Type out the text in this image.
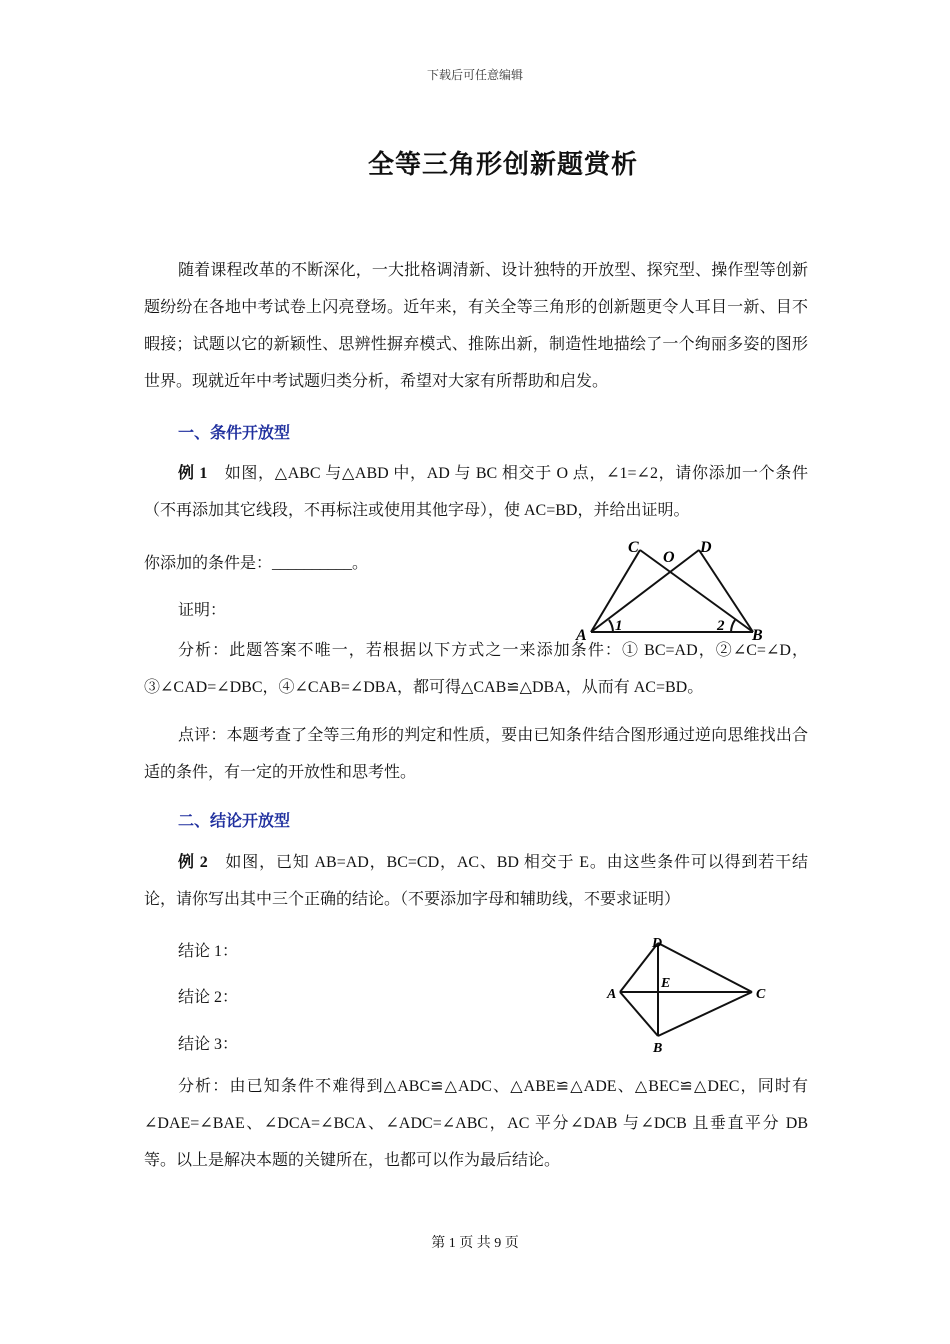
下载后可任意编辑
全等三角形创新题赏析
随着课程改革的不断深化，一大批格调清新、设计独特的开放型、探究型、操作型等创新题纷纷在各地中考试卷上闪亮登场。近年来，有关全等三角形的创新题更令人耳目一新、目不暇接；试题以它的新颖性、思辨性摒弃模式、推陈出新，制造性地描绘了一个绚丽多姿的图形世界。现就近年中考试题归类分析，希望对大家有所帮助和启发。
一、条件开放型
例 1　如图，△ABC 与△ABD 中，AD 与 BC 相交于 O 点，∠1=∠2，请你添加一个条件（不再添加其它线段，不再标注或使用其他字母），使 AC=BD，并给出证明。
你添加的条件是：__________。
证明：
A	B
C	D
O
1	2
分析：此题答案不唯一，若根据以下方式之一来添加条件：① BC=AD，②∠C=∠D，③∠CAD=∠DBC，④∠CAB=∠DBA，都可得△CAB≌△DBA，从而有 AC=BD。
点评：本题考查了全等三角形的判定和性质，要由已知条件结合图形通过逆向思维找出合适的条件，有一定的开放性和思考性。
二、结论开放型
例 2　如图，已知 AB=AD，BC=CD，AC、BD 相交于 E。由这些条件可以得到若干结论，请你写出其中三个正确的结论。（不要添加字母和辅助线，不要求证明）
结论 1：
结论 2：
结论 3：
A	C
D
B
E
分析：由已知条件不难得到△ABC≌△ADC、△ABE≌△ADE、△BEC≌△DEC，同时有∠DAE=∠BAE、∠DCA=∠BCA、∠ADC=∠ABC，AC 平分∠DAB 与∠DCB 且垂直平分 DB 等。以上是解决本题的关键所在，也都可以作为最后结论。
第 1 页 共 9 页
